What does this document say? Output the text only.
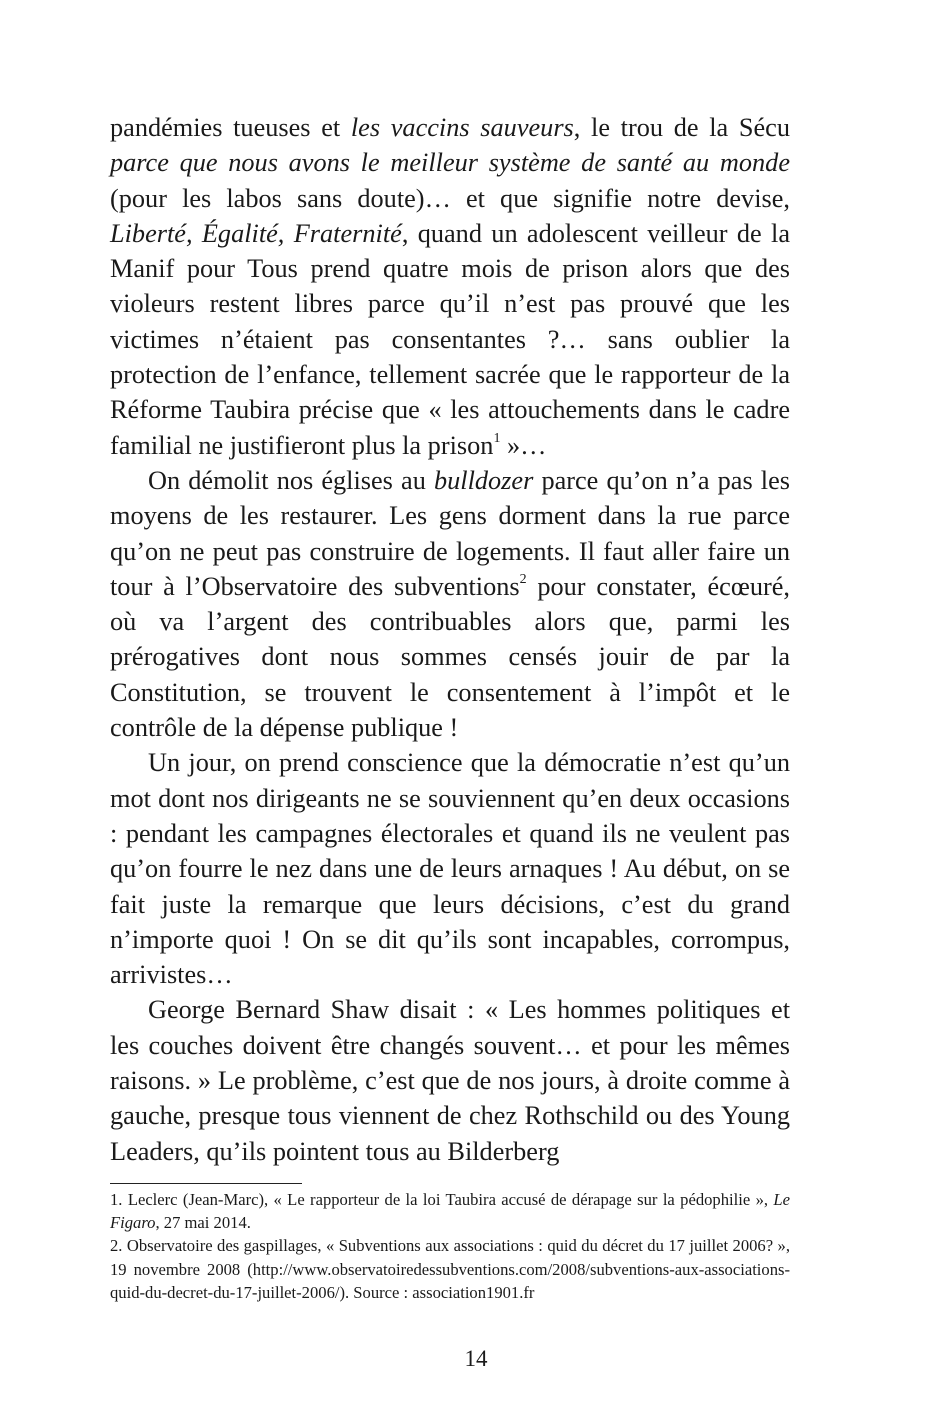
pandémies tueuses et les vaccins sauveurs, le trou de la Sécu parce que nous avons le meilleur système de santé au monde (pour les labos sans doute)… et que signifie notre devise, Liberté, Égalité, Fraternité, quand un adolescent veilleur de la Manif pour Tous prend quatre mois de prison alors que des violeurs restent libres parce qu’il n’est pas prouvé que les victimes n’étaient pas consentantes ?… sans oublier la protection de l’enfance, tellement sacrée que le rapporteur de la Réforme Taubira précise que « les attouchements dans le cadre familial ne justifieront plus la prison$^1$ »…

On démolit nos églises au bulldozer parce qu’on n’a pas les moyens de les restaurer. Les gens dorment dans la rue parce qu’on ne peut pas construire de logements. Il faut aller faire un tour à l’Observatoire des subventions$^2$ pour constater, écœuré, où va l’argent des contribuables alors que, parmi les prérogatives dont nous sommes censés jouir de par la Constitution, se trouvent le consentement à l’impôt et le contrôle de la dépense publique !

Un jour, on prend conscience que la démocratie n’est qu’un mot dont nos dirigeants ne se souviennent qu’en deux occasions : pendant les campagnes électorales et quand ils ne veulent pas qu’on fourre le nez dans une de leurs arnaques ! Au début, on se fait juste la remarque que leurs décisions, c’est du grand n’importe quoi ! On se dit qu’ils sont incapables, corrompus, arrivistes…

George Bernard Shaw disait : « Les hommes politiques et les couches doivent être changés souvent… et pour les mêmes raisons. » Le problème, c’est que de nos jours, à droite comme à gauche, presque tous viennent de chez Rothschild ou des Young Leaders, qu’ils pointent tous au Bilderberg

1. Leclerc (Jean-Marc), « Le rapporteur de la loi Taubira accusé de dérapage sur la pédophilie », Le Figaro, 27 mai 2014.

2. Observatoire des gaspillages, « Subventions aux associations : quid du décret du 17 juillet 2006? », 19 novembre 2008 (http://www.observatoiredessubventions.com/2008/subventions-aux-associations-quid-du-decret-du-17-juillet-2006/). Source : association1901.fr

14
